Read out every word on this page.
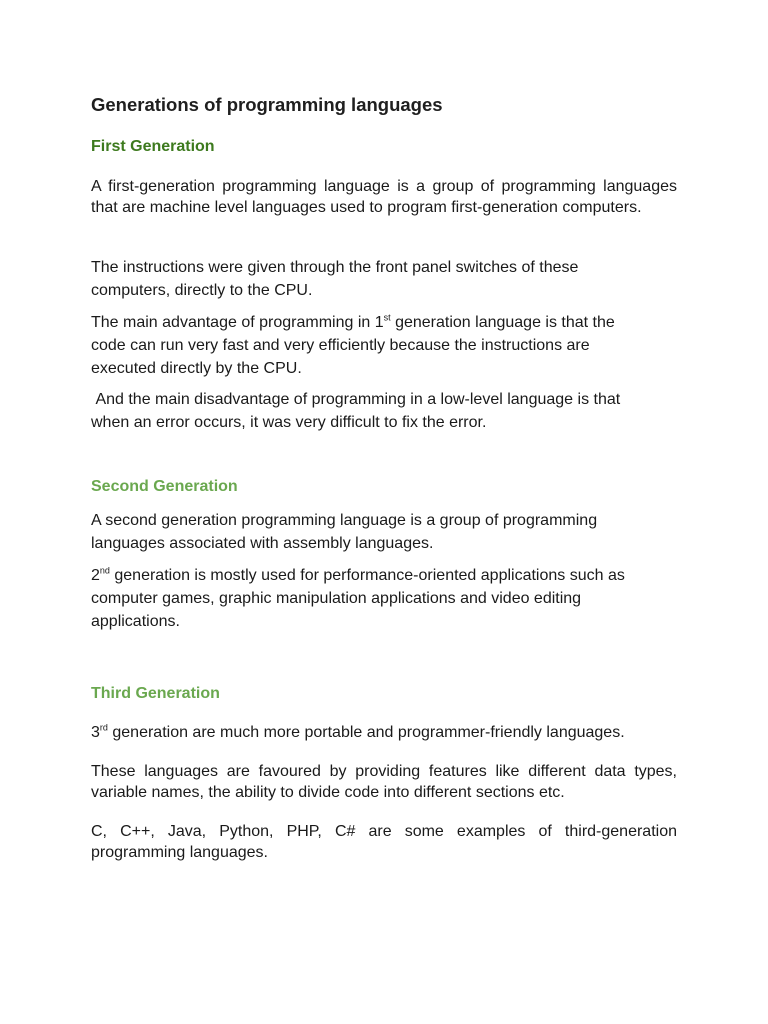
Generations of programming languages
First Generation

A first-generation programming language is a group of programming languages that are machine level languages used to program first-generation computers.

The instructions were given through the front panel switches of these
computers, directly to the CPU.

The main advantage of programming in 1st generation language is that the
code can run very fast and very efficiently because the instructions are
executed directly by the CPU.

And the main disadvantage of programming in a low-level language is that
when an error occurs, it was very difficult to fix the error.

Second Generation

A second generation programming language is a group of programming
languages associated with assembly languages.

2nd generation is mostly used for performance-oriented applications such as
computer games, graphic manipulation applications and video editing
applications.

Third Generation

3rd generation are much more portable and programmer-friendly languages.

These languages are favoured by providing features like different data types, variable names, the ability to divide code into different sections etc.

C, C++, Java, Python, PHP, C# are some examples of third-generation programming languages.
